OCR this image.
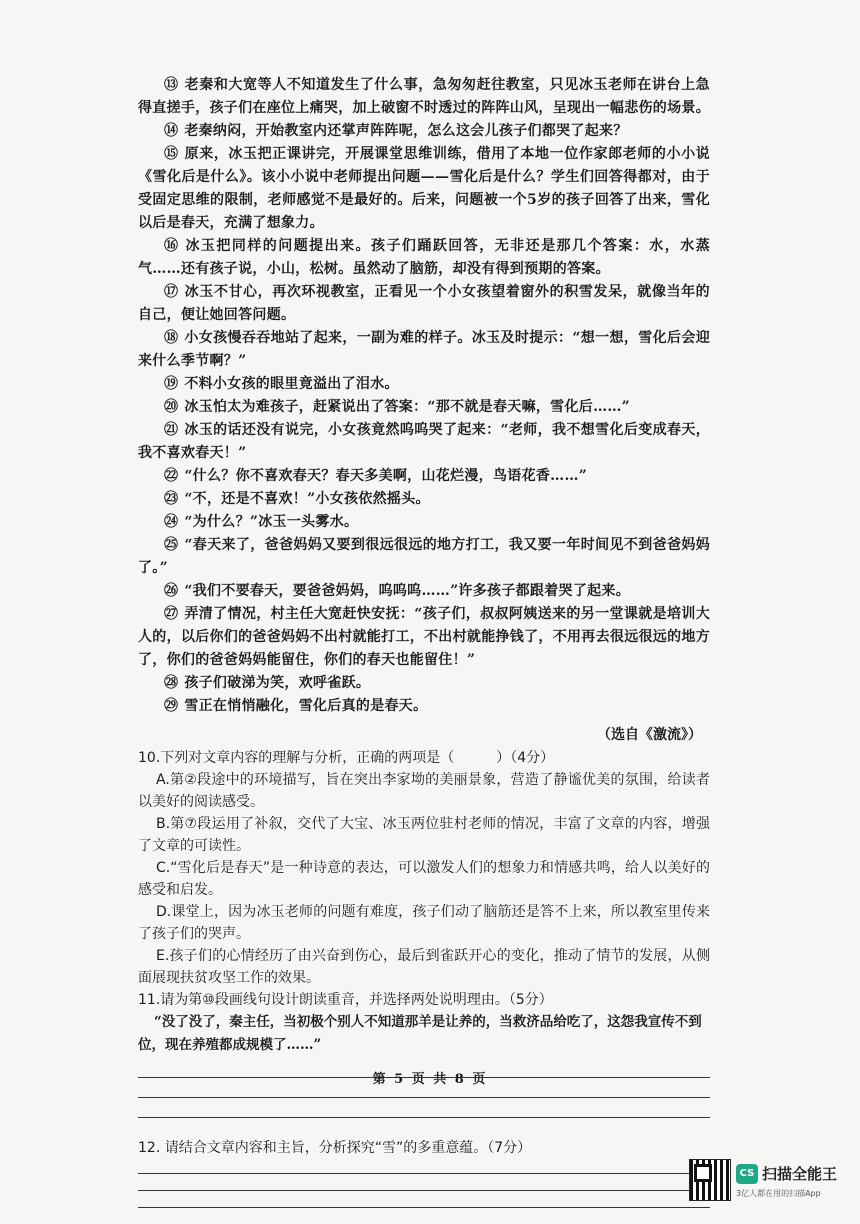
⑬ 老秦和大宽等人不知道发生了什么事，急匆匆赶往教室，只见冰玉老师在讲台上急得直搓手，孩子们在座位上痛哭，加上破窗不时透过的阵阵山风，呈现出一幅悲伤的场景。

⑭ 老秦纳闷，开始教室内还掌声阵阵呢，怎么这会儿孩子们都哭了起来？

⑮ 原来，冰玉把正课讲完，开展课堂思维训练，借用了本地一位作家郎老师的小小说《雪化后是什么》。该小小说中老师提出问题——雪化后是什么？学生们回答得都对，由于受固定思维的限制，老师感觉不是最好的。后来，问题被一个5岁的孩子回答了出来，雪化以后是春天，充满了想象力。

⑯ 冰玉把同样的问题提出来。孩子们踊跃回答，无非还是那几个答案：水，水蒸气……还有孩子说，小山，松树。虽然动了脑筋，却没有得到预期的答案。

⑰ 冰玉不甘心，再次环视教室，正看见一个小女孩望着窗外的积雪发呆，就像当年的自己，便让她回答问题。

⑱ 小女孩慢吞吞地站了起来，一副为难的样子。冰玉及时提示：“想一想，雪化后会迎来什么季节啊？”

⑲ 不料小女孩的眼里竟溢出了泪水。

⑳ 冰玉怕太为难孩子，赶紧说出了答案：“那不就是春天嘛，雪化后……”

㉑ 冰玉的话还没有说完，小女孩竟然呜呜哭了起来：“老师，我不想雪化后变成春天，我不喜欢春天！”

㉒ “什么？你不喜欢春天？春天多美啊，山花烂漫，鸟语花香……”

㉓ “不，还是不喜欢！”小女孩依然摇头。

㉔ “为什么？”冰玉一头雾水。

㉕ “春天来了，爸爸妈妈又要到很远很远的地方打工，我又要一年时间见不到爸爸妈妈了。”

㉖ “我们不要春天，要爸爸妈妈，呜呜呜……”许多孩子都跟着哭了起来。

㉗ 弄清了情况，村主任大宽赶快安抚：“孩子们，叔叔阿姨送来的另一堂课就是培训大人的，以后你们的爸爸妈妈不出村就能打工，不出村就能挣钱了，不用再去很远很远的地方了，你们的爸爸妈妈能留住，你们的春天也能留住！”

㉘ 孩子们破涕为笑，欢呼雀跃。

㉙ 雪正在悄悄融化，雪化后真的是春天。

（选自《激流》）

10.下列对文章内容的理解与分析，正确的两项是（　　　）（4分）

A.第②段途中的环境描写，旨在突出李家坳的美丽景象，营造了静谧优美的氛围，给读者以美好的阅读感受。

B.第⑦段运用了补叙，交代了大宝、冰玉两位驻村老师的情况，丰富了文章的内容，增强了文章的可读性。

C.“雪化后是春天”是一种诗意的表达，可以激发人们的想象力和情感共鸣，给人以美好的感受和启发。

D.课堂上，因为冰玉老师的问题有难度，孩子们动了脑筋还是答不上来，所以教室里传来了孩子们的哭声。

E.孩子们的心情经历了由兴奋到伤心，最后到雀跃开心的变化，推动了情节的发展，从侧面展现扶贫攻坚工作的效果。

11.请为第⑩段画线句设计朗读重音，并选择两处说明理由。（5分）

“没了没了，秦主任，当初极个别人不知道那羊是让养的，当救济品给吃了，这怨我宣传不到位，现在养殖都成规模了……”

12. 请结合文章内容和主旨，分析探究“雪”的多重意蕴。（7分）

第 5 页 共 8 页
CS 扫描全能王
3亿人都在用的扫描App
